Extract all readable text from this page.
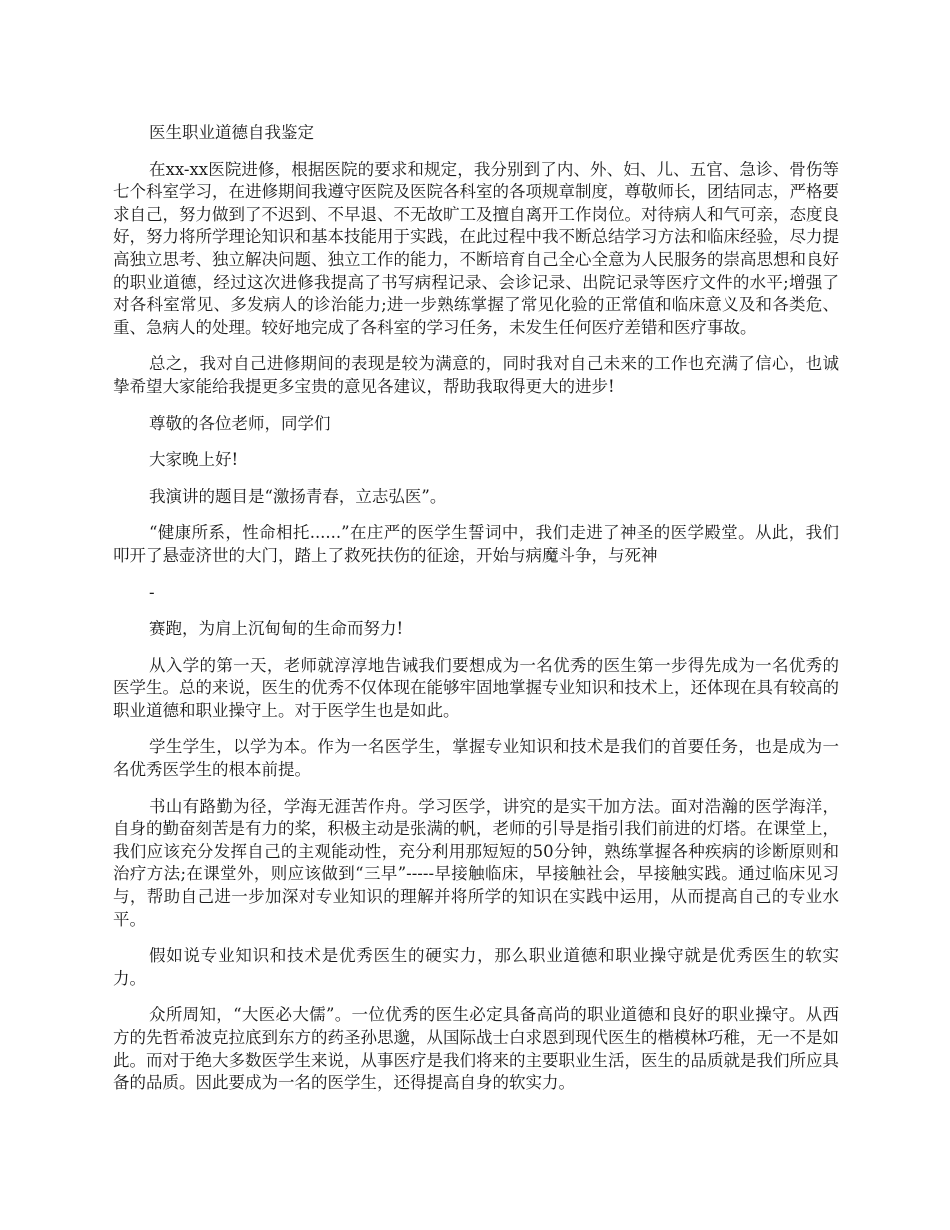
医生职业道德自我鉴定

在xx-xx医院进修，根据医院的要求和规定，我分别到了内、外、妇、儿、五官、急诊、骨伤等七个科室学习，在进修期间我遵守医院及医院各科室的各项规章制度，尊敬师长，团结同志，严格要求自己，努力做到了不迟到、不早退、不无故旷工及擅自离开工作岗位。对待病人和气可亲，态度良好，努力将所学理论知识和基本技能用于实践，在此过程中我不断总结学习方法和临床经验，尽力提高独立思考、独立解决问题、独立工作的能力，不断培育自己全心全意为人民服务的崇高思想和良好的职业道德，经过这次进修我提高了书写病程记录、会诊记录、出院记录等医疗文件的水平;增强了对各科室常见、多发病人的诊治能力;进一步熟练掌握了常见化验的正常值和临床意义及和各类危、重、急病人的处理。较好地完成了各科室的学习任务，未发生任何医疗差错和医疗事故。

总之，我对自己进修期间的表现是较为满意的，同时我对自己未来的工作也充满了信心，也诚挚希望大家能给我提更多宝贵的意见各建议，帮助我取得更大的进步!

尊敬的各位老师，同学们

大家晚上好!

我演讲的题目是“激扬青春，立志弘医”。

“健康所系，性命相托......”在庄严的医学生誓词中，我们走进了神圣的医学殿堂。从此，我们叩开了悬壶济世的大门，踏上了救死扶伤的征途，开始与病魔斗争，与死神

-

赛跑，为肩上沉甸甸的生命而努力!

从入学的第一天，老师就淳淳地告诫我们要想成为一名优秀的医生第一步得先成为一名优秀的医学生。总的来说，医生的优秀不仅体现在能够牢固地掌握专业知识和技术上，还体现在具有较高的职业道德和职业操守上。对于医学生也是如此。

学生学生，以学为本。作为一名医学生，掌握专业知识和技术是我们的首要任务，也是成为一名优秀医学生的根本前提。

书山有路勤为径，学海无涯苦作舟。学习医学，讲究的是实干加方法。面对浩瀚的医学海洋，自身的勤奋刻苦是有力的桨，积极主动是张满的帆，老师的引导是指引我们前进的灯塔。在课堂上，我们应该充分发挥自己的主观能动性，充分利用那短短的50分钟，熟练掌握各种疾病的诊断原则和治疗方法;在课堂外，则应该做到“三早”-----早接触临床，早接触社会，早接触实践。通过临床见习与，帮助自己进一步加深对专业知识的理解并将所学的知识在实践中运用，从而提高自己的专业水平。

假如说专业知识和技术是优秀医生的硬实力，那么职业道德和职业操守就是优秀医生的软实力。

众所周知，“大医必大儒”。一位优秀的医生必定具备高尚的职业道德和良好的职业操守。从西方的先哲希波克拉底到东方的药圣孙思邈，从国际战士白求恩到现代医生的楷模林巧稚，无一不是如此。而对于绝大多数医学生来说，从事医疗是我们将来的主要职业生活，医生的品质就是我们所应具备的品质。因此要成为一名的医学生，还得提高自身的软实力。
